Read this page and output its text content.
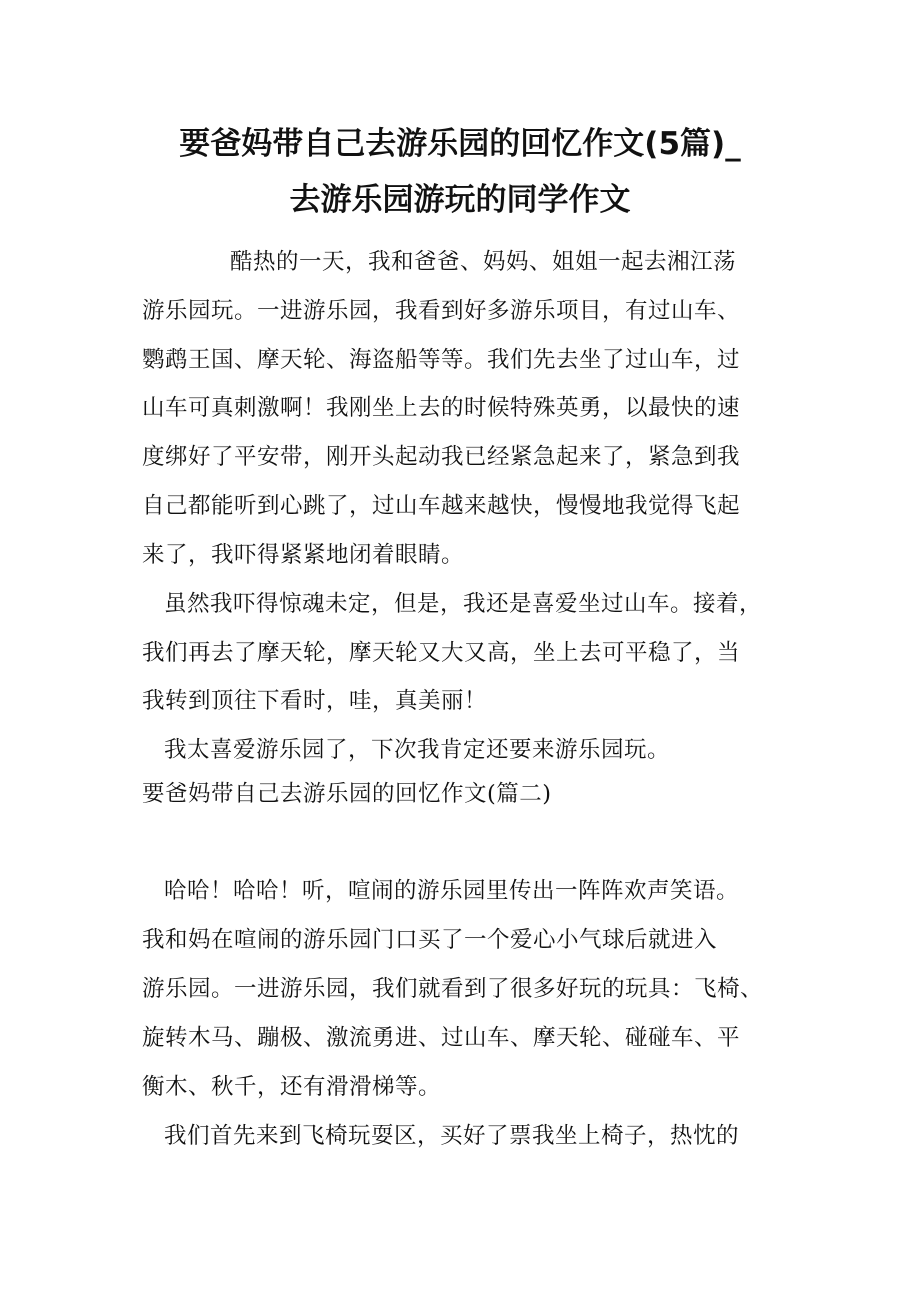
要爸妈带自己去游乐园的回忆作文(5篇)_
去游乐园游玩的同学作文
酷热的一天，我和爸爸、妈妈、姐姐一起去湘江荡
游乐园玩。一进游乐园，我看到好多游乐项目，有过山车、
鹦鹉王国、摩天轮、海盗船等等。我们先去坐了过山车，过
山车可真刺激啊！我刚坐上去的时候特殊英勇，以最快的速
度绑好了平安带，刚开头起动我已经紧急起来了，紧急到我
自己都能听到心跳了，过山车越来越快，慢慢地我觉得飞起
来了，我吓得紧紧地闭着眼睛。
虽然我吓得惊魂未定，但是，我还是喜爱坐过山车。接着，
我们再去了摩天轮，摩天轮又大又高，坐上去可平稳了，当
我转到顶往下看时，哇，真美丽！
我太喜爱游乐园了，下次我肯定还要来游乐园玩。
要爸妈带自己去游乐园的回忆作文(篇二)
哈哈！哈哈！听，喧闹的游乐园里传出一阵阵欢声笑语。
我和妈在喧闹的游乐园门口买了一个爱心小气球后就进入
游乐园。一进游乐园，我们就看到了很多好玩的玩具：飞椅、
旋转木马、蹦极、激流勇进、过山车、摩天轮、碰碰车、平
衡木、秋千，还有滑滑梯等。
我们首先来到飞椅玩耍区，买好了票我坐上椅子，热忱的
